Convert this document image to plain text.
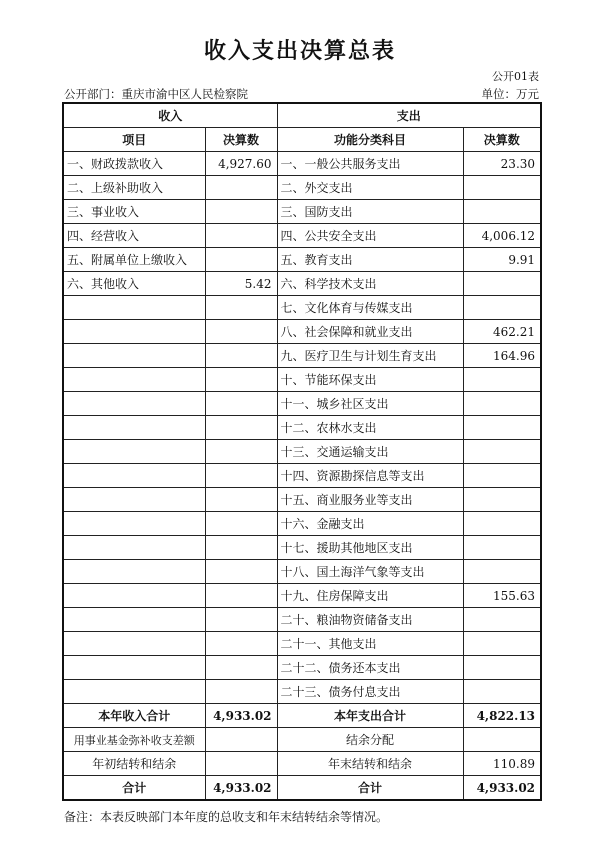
收入支出决算总表
公开01表
公开部门：重庆市渝中区人民检察院	单位：万元
收入		支出	
项目	决算数	功能分类科目	决算数
一、财政拨款收入	4,927.60	一、一般公共服务支出	23.30
二、上级补助收入		二、外交支出	
三、事业收入		三、国防支出	
四、经营收入		四、公共安全支出	4,006.12
五、附属单位上缴收入		五、教育支出	9.91
六、其他收入	5.42	六、科学技术支出	
		七、文化体育与传媒支出	
		八、社会保障和就业支出	462.21
		九、医疗卫生与计划生育支出	164.96
		十、节能环保支出	
		十一、城乡社区支出	
		十二、农林水支出	
		十三、交通运输支出	
		十四、资源勘探信息等支出	
		十五、商业服务业等支出	
		十六、金融支出	
		十七、援助其他地区支出	
		十八、国土海洋气象等支出	
		十九、住房保障支出	155.63
		二十、粮油物资储备支出	
		二十一、其他支出	
		二十二、债务还本支出	
		二十三、债务付息支出	
本年收入合计	4,933.02	本年支出合计	4,822.13
用事业基金弥补收支差额		结余分配	
年初结转和结余		年末结转和结余	110.89
合计	4,933.02	合计	4,933.02
备注：本表反映部门本年度的总收支和年末结转结余等情况。
